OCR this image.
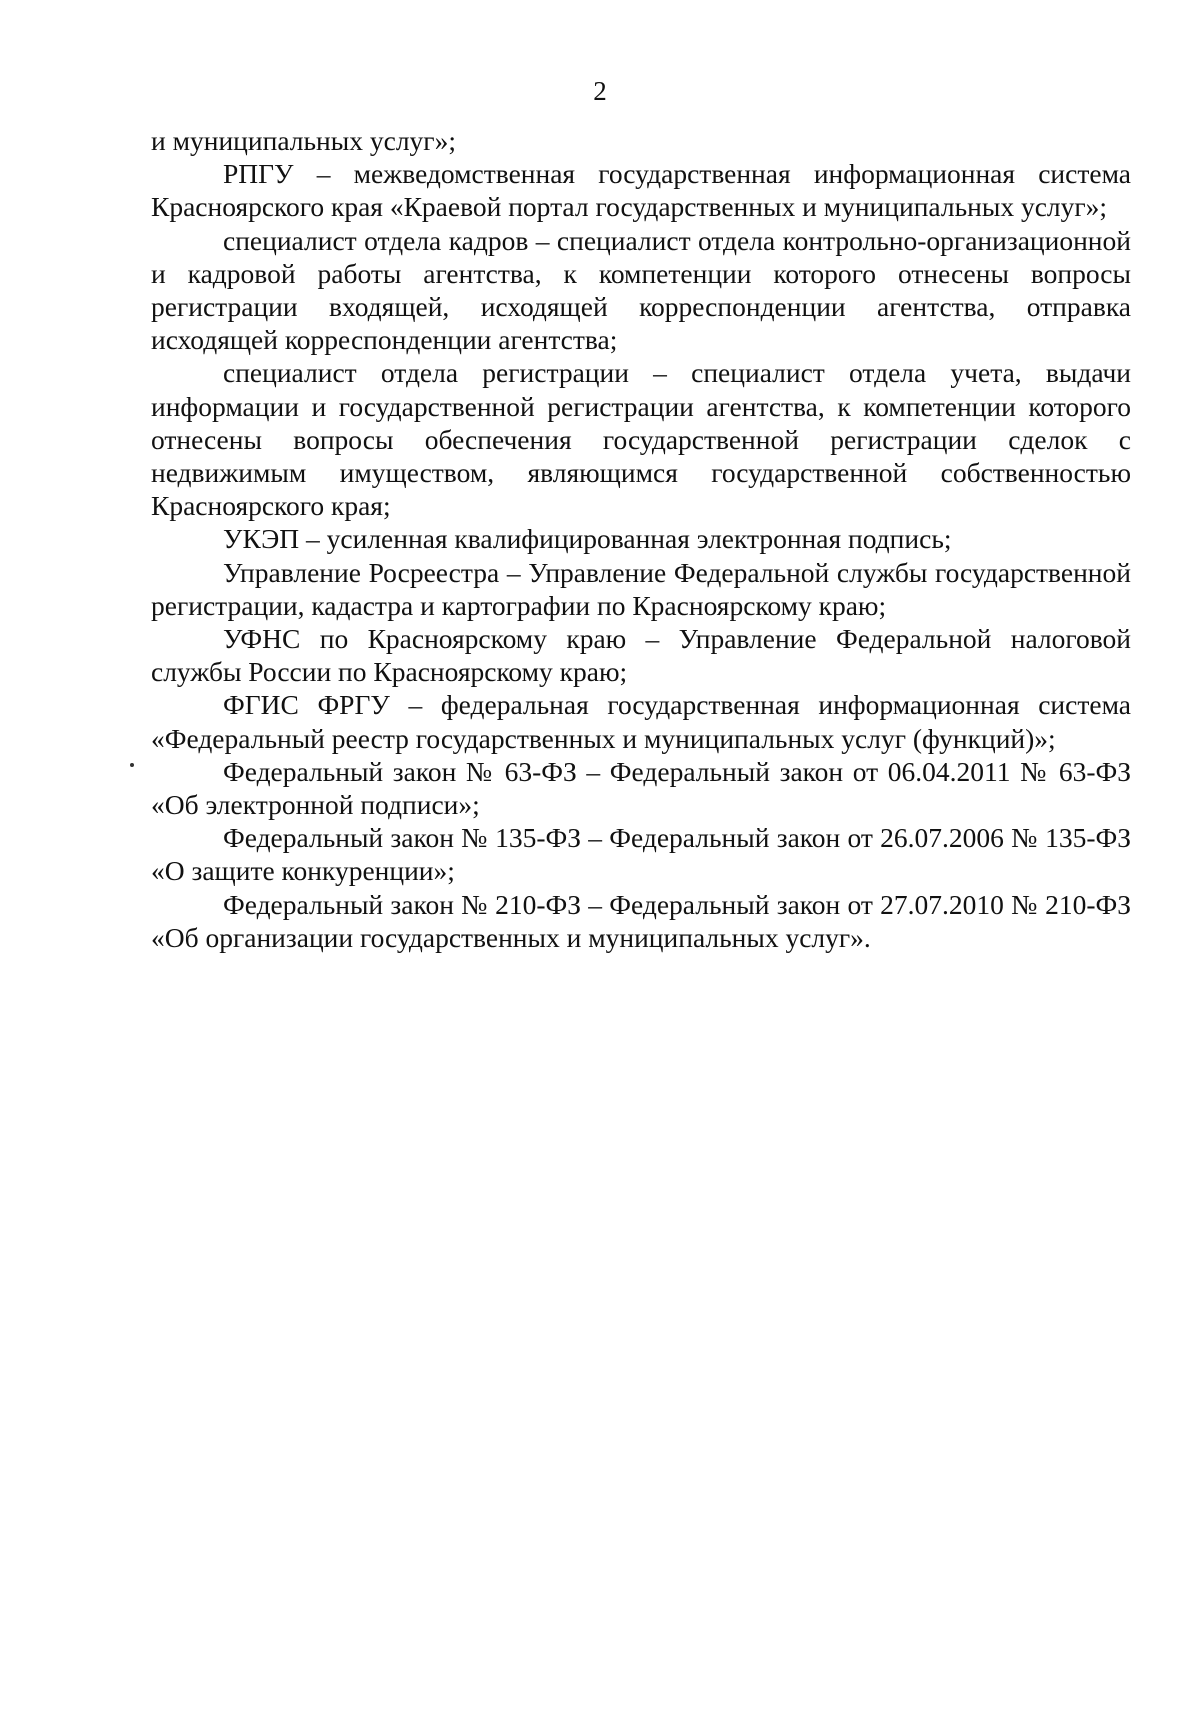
2

и муниципальных услуг»;

РПГУ – межведомственная государственная информационная система Красноярского края «Краевой портал государственных и муниципальных услуг»;

специалист отдела кадров – специалист отдела контрольно-организационной и кадровой работы агентства, к компетенции которого отнесены вопросы регистрации входящей, исходящей корреспонденции агентства, отправка исходящей корреспонденции агентства;

специалист отдела регистрации – специалист отдела учета, выдачи информации и государственной регистрации агентства, к компетенции которого отнесены вопросы обеспечения государственной регистрации сделок с недвижимым имуществом, являющимся государственной собственностью Красноярского края;

УКЭП – усиленная квалифицированная электронная подпись;

Управление Росреестра – Управление Федеральной службы государственной регистрации, кадастра и картографии по Красноярскому краю;

УФНС по Красноярскому краю – Управление Федеральной налоговой службы России по Красноярскому краю;

ФГИС ФРГУ – федеральная государственная информационная система «Федеральный реестр государственных и муниципальных услуг (функций)»;

Федеральный закон № 63-ФЗ – Федеральный закон от 06.04.2011 № 63-ФЗ «Об электронной подписи»;

Федеральный закон № 135-ФЗ – Федеральный закон от 26.07.2006 № 135-ФЗ «О защите конкуренции»;

Федеральный закон № 210-ФЗ – Федеральный закон от 27.07.2010 № 210-ФЗ «Об организации государственных и муниципальных услуг».
